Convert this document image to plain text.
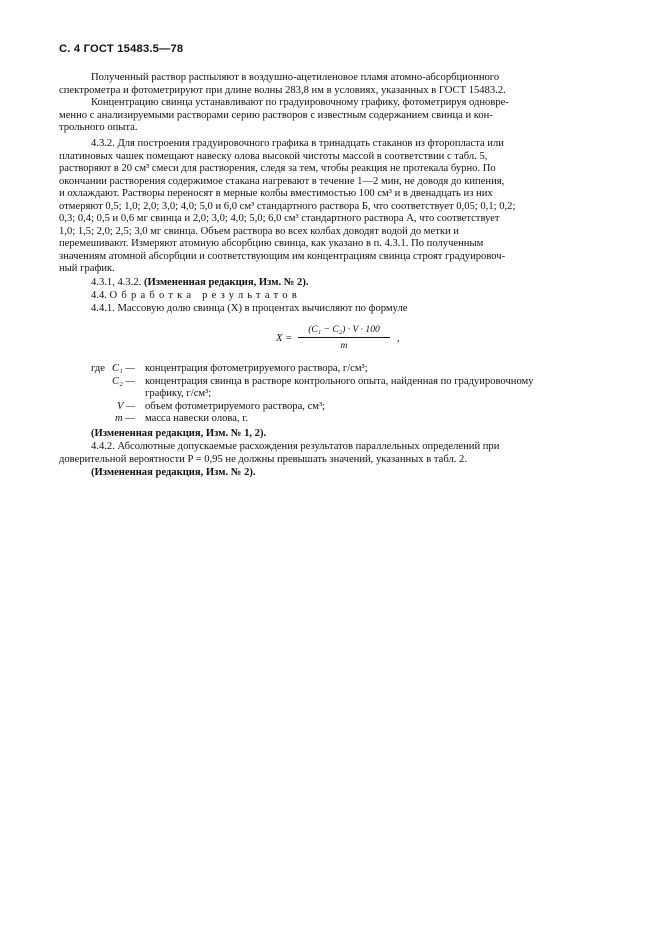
С. 4 ГОСТ 15483.5—78

Полученный раствор распыляют в воздушно-ацетиленовое пламя атомно-абсорбционного

спектрометра и фотометрируют при длине волны 283,8 нм в условиях, указанных в ГОСТ 15483.2.

Концентрацию свинца устанавливают по градуировочному графику, фотометрируя одновре-

менно с анализируемыми растворами серию растворов с известным содержанием свинца и кон-

трольного опыта.

4.3.2. Для построения градуировочного графика в тринадцать стаканов из фторопласта или

платиновых чашек помещают навеску олова высокой чистоты массой в соответствии с табл. 5,

растворяют в 20 см³ смеси для растворения, следя за тем, чтобы реакция не протекала бурно. По

окончании растворения содержимое стакана нагревают в течение 1—2 мин, не доводя до кипения,

и охлаждают. Растворы переносят в мерные колбы вместимостью 100 см³ и в двенадцать из них

отмеряют 0,5; 1,0; 2,0; 3,0; 4,0; 5,0 и 6,0 см³ стандартного раствора Б, что соответствует 0,05; 0,1; 0,2;

0,3; 0,4; 0,5 и 0,6 мг свинца и 2,0; 3,0; 4,0; 5,0; 6,0 см³ стандартного раствора А, что соответствует

1,0; 1,5; 2,0; 2,5; 3,0 мг свинца. Объем раствора во всех колбах доводят водой до метки и

перемешивают. Измеряют атомную абсорбцию свинца, как указано в п. 4.3.1. По полученным

значениям атомной абсорбции и соответствующим им концентрациям свинца строят градуировоч-

ный график.

4.3.1, 4.3.2. (Измененная редакция, Изм. № 2).
4.4. Обработка результатов
4.4.1. Массовую долю свинца (X) в процентах вычисляют по формуле
X =
(C₁ − C₂) · V · 100
m
,
где C₁ — концентрация фотометрируемого раствора, г/см³;
C₂ — концентрация свинца в растворе контрольного опыта, найденная по градуировочному
графику, г/см³;
V — объем фотометрируемого раствора, см³;
m — масса навески олова, г.
(Измененная редакция, Изм. № 1, 2).

4.4.2. Абсолютные допускаемые расхождения результатов параллельных определений при

доверительной вероятности P = 0,95 не должны превышать значений, указанных в табл. 2.

(Измененная редакция, Изм. № 2).
